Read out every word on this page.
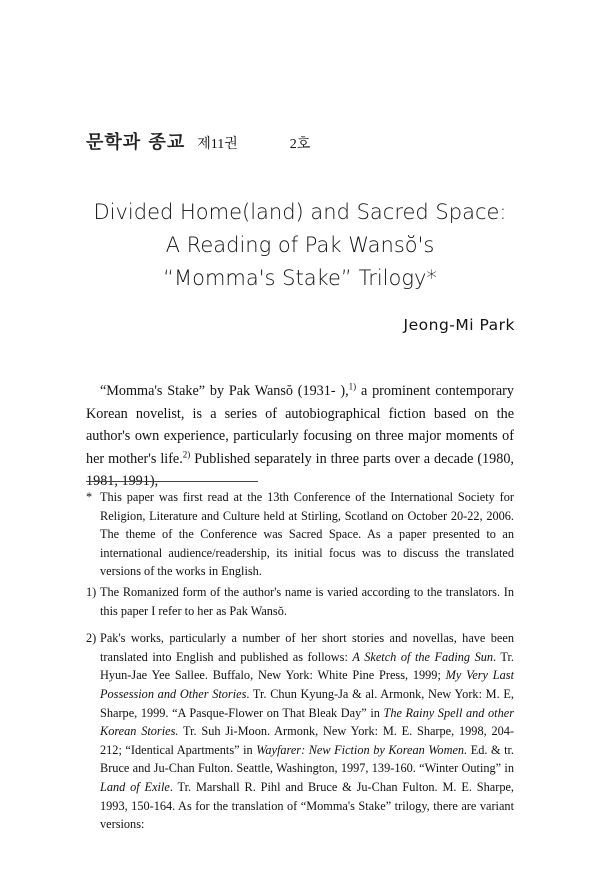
문학과 종교 제11권	2호
Divided Home(land) and Sacred Space:
A Reading of Pak Wansŏ's
“Momma's Stake” Trilogy*
Jeong-Mi Park
“Momma's Stake” by Pak Wansŏ (1931- ),$^{1)}$ a prominent contemporary Korean novelist, is a series of autobiographical fiction based on the author's own experience, particularly focusing on three major moments of her mother's life.$^{2)}$ Published separately in three parts over a decade (1980, 1981, 1991),

* This paper was first read at the 13th Conference of the International Society for Religion, Literature and Culture held at Stirling, Scotland on October 20-22, 2006. The theme of the Conference was Sacred Space. As a paper presented to an international audience/readership, its initial focus was to discuss the translated versions of the works in English.

1) The Romanized form of the author's name is varied according to the translators. In this paper I refer to her as Pak Wansŏ.

2) Pak's works, particularly a number of her short stories and novellas, have been translated into English and published as follows: A Sketch of the Fading Sun. Tr. Hyun-Jae Yee Sallee. Buffalo, New York: White Pine Press, 1999; My Very Last Possession and Other Stories. Tr. Chun Kyung-Ja & al. Armonk, New York: M. E, Sharpe, 1999. “A Pasque-Flower on That Bleak Day” in The Rainy Spell and other Korean Stories. Tr. Suh Ji-Moon. Armonk, New York: M. E. Sharpe, 1998, 204-212; “Identical Apartments” in Wayfarer: New Fiction by Korean Women. Ed. & tr. Bruce and Ju-Chan Fulton. Seattle, Washington, 1997, 139-160. “Winter Outing” in Land of Exile. Tr. Marshall R. Pihl and Bruce & Ju-Chan Fulton. M. E. Sharpe, 1993, 150-164. As for the translation of “Momma's Stake” trilogy, there are variant versions:
